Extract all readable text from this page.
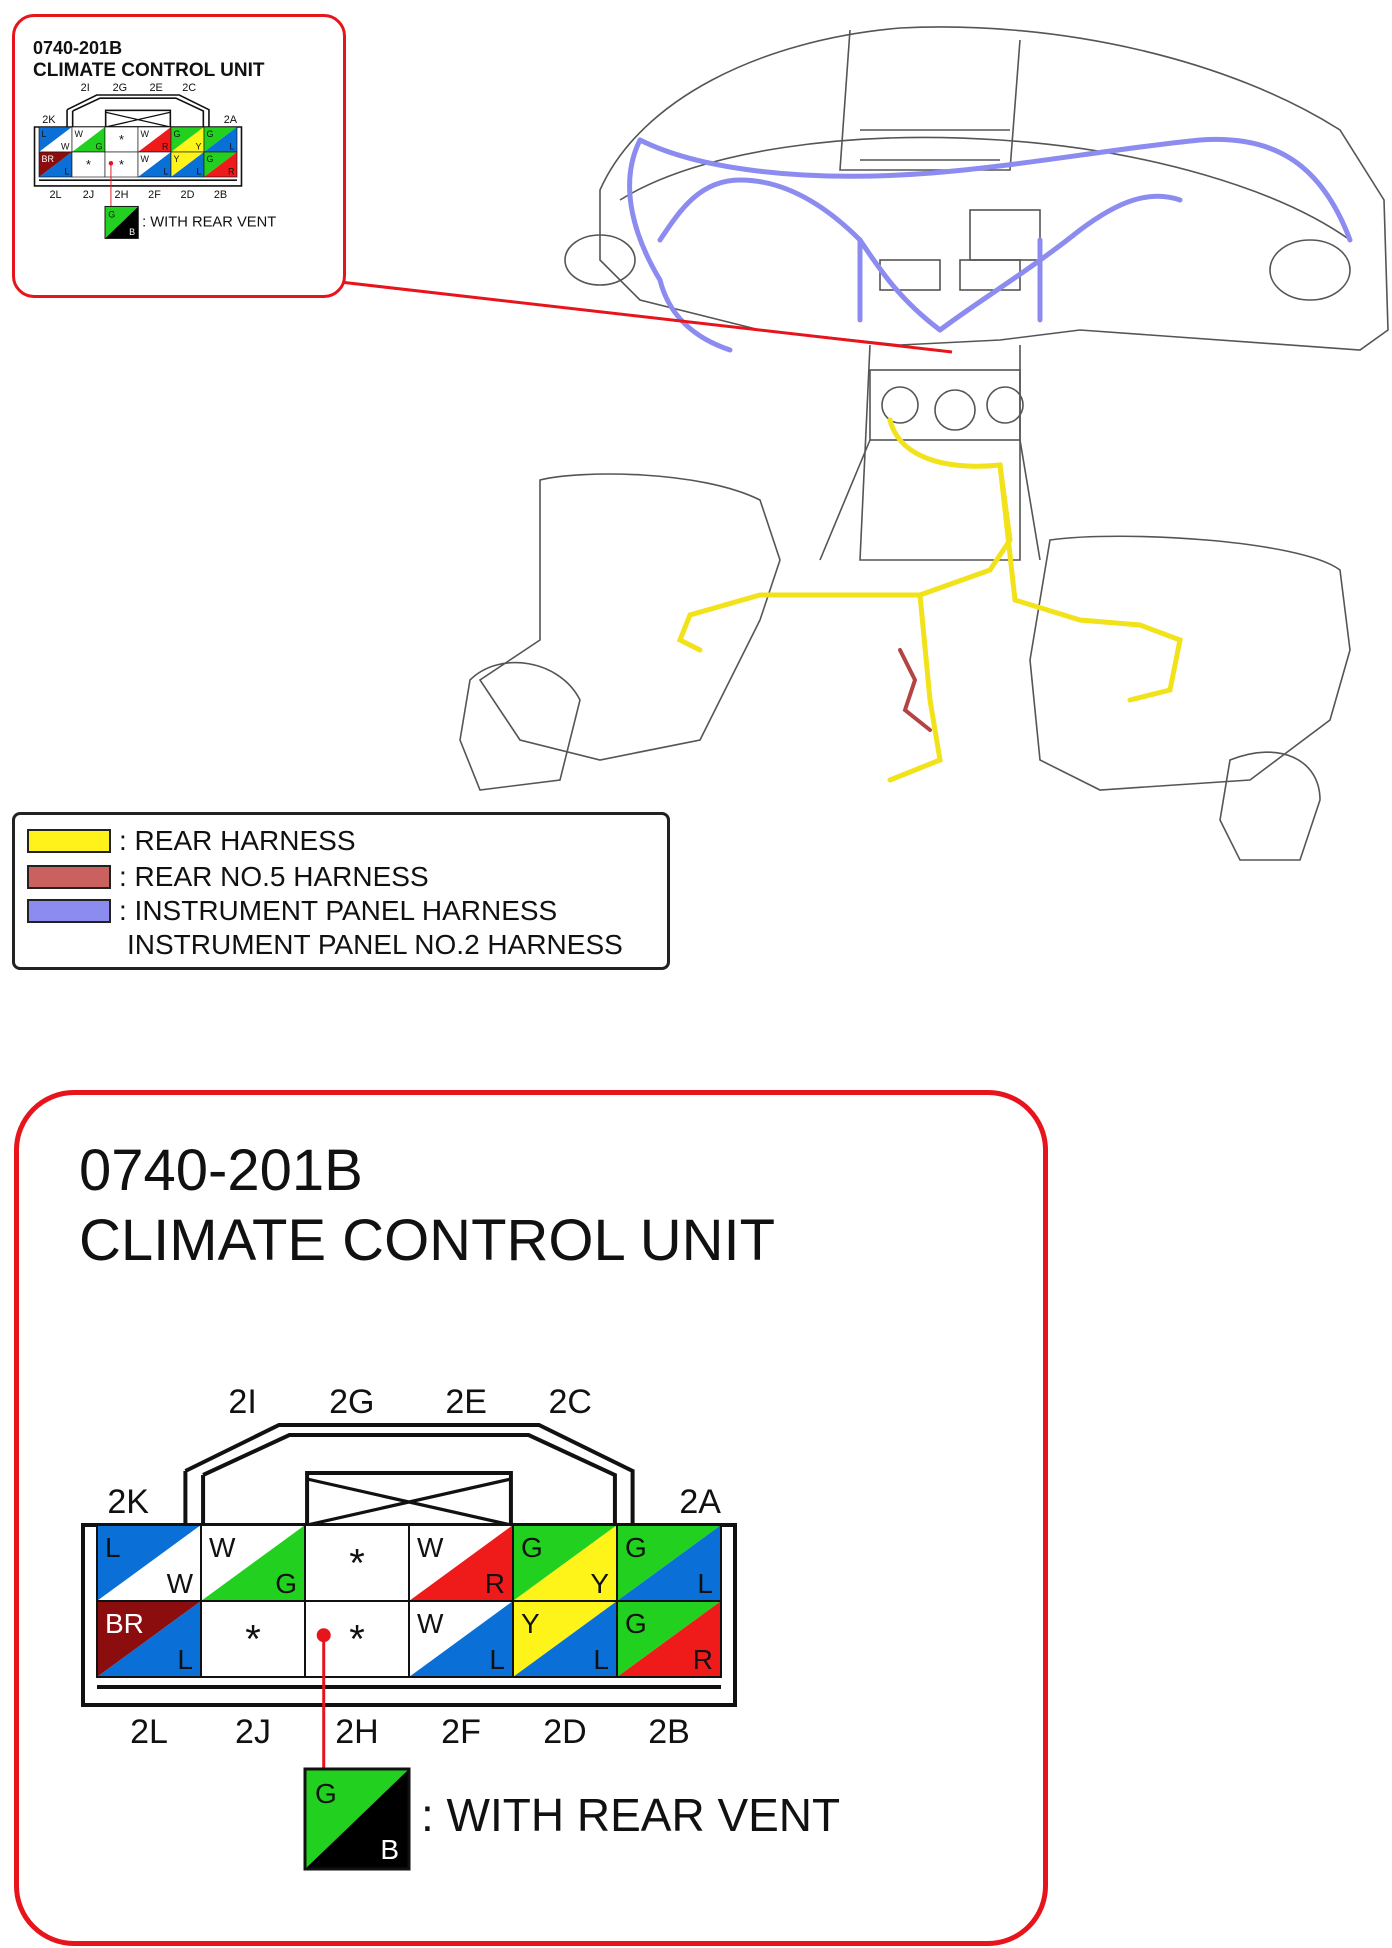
0740-201B
CLIMATE CONTROL UNIT
2I 2G 2E 2C
2K	2A
L
W
W
G * W
R
G
Y
G
L
BR
L * * W
L
Y
L
G
R
2L 2J 2H 2F 2D 2B
G
B
: WITH REAR VENT
: REAR HARNESS
: REAR NO.5 HARNESS
: INSTRUMENT PANEL HARNESS
INSTRUMENT PANEL NO.2 HARNESS
0740-201B
CLIMATE CONTROL UNIT
2I 2G 2E 2C
2K	2A
L
W
W
G * W
R
G
Y
G
L
BR
L * * W
L
Y
L
G
R
2L 2J 2H 2F 2D 2B
G
B
: WITH REAR VENT
